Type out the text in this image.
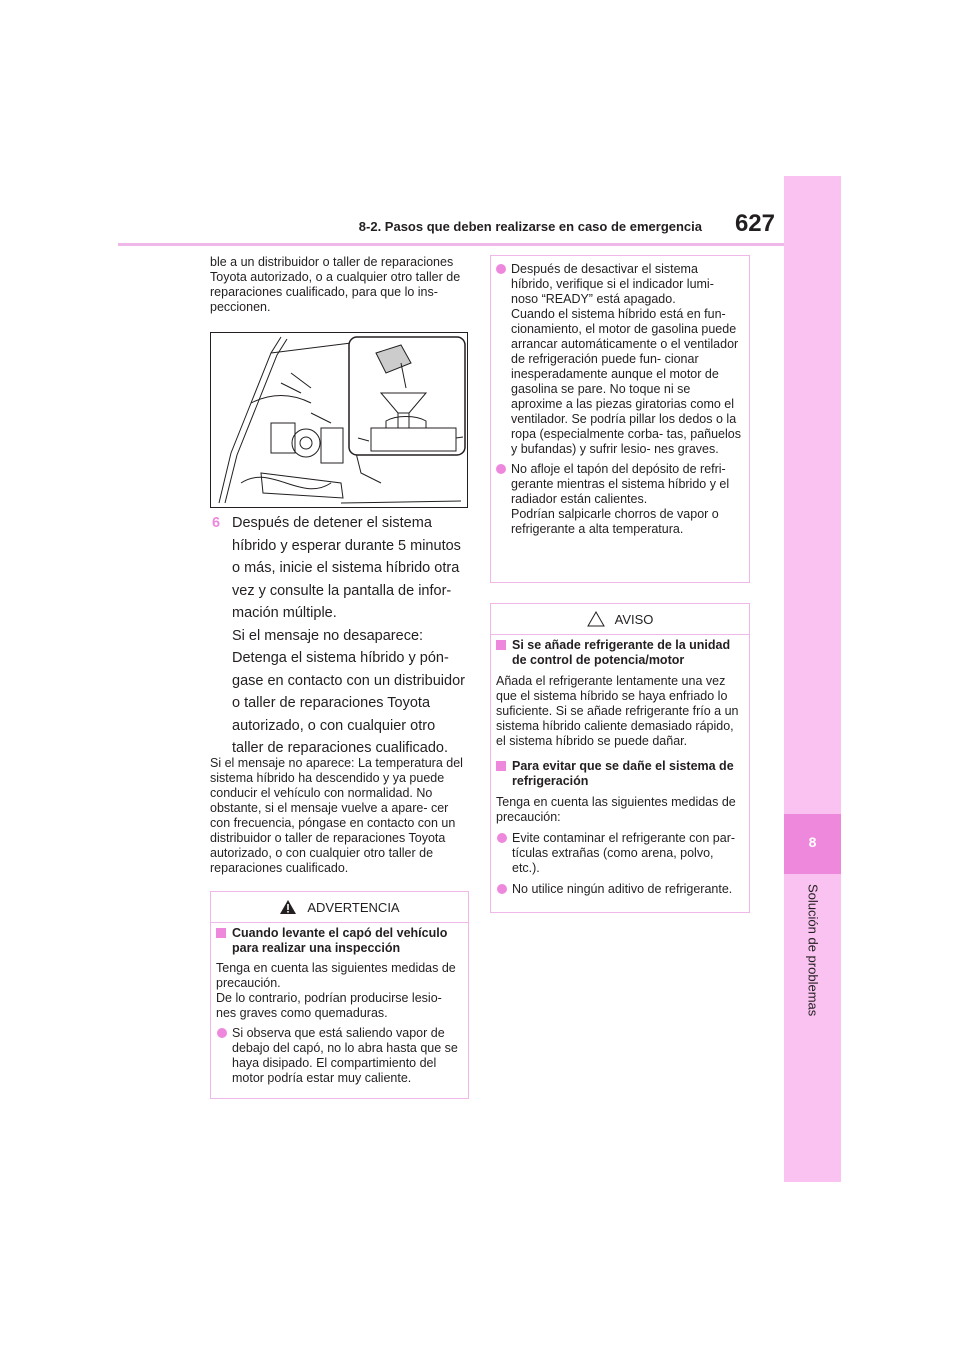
8-2. Pasos que deben realizarse en caso de emergencia	627
8
Solución de problemas
ble a un distribuidor o taller de reparaciones Toyota autorizado, o a cualquier otro taller de reparaciones cualificado, para que lo ins- peccionen.
6 Después de detener el sistema híbrido y esperar durante 5 minutos o más, inicie el sistema híbrido otra vez y consulte la pantalla de infor- mación múltiple.
Si el mensaje no desaparece: Detenga el sistema híbrido y pón- gase en contacto con un distribuidor o taller de reparaciones Toyota autorizado, o con cualquier otro taller de reparaciones cualificado.
Si el mensaje no aparece: La temperatura del sistema híbrido ha descendido y ya puede conducir el vehículo con normalidad. No obstante, si el mensaje vuelve a apare- cer con frecuencia, póngase en contacto con un distribuidor o taller de reparaciones Toyota autorizado, o con cualquier otro taller de reparaciones cualificado.
ADVERTENCIA
Cuando levante el capó del vehículo para realizar una inspección
Tenga en cuenta las siguientes medidas de precaución.
De lo contrario, podrían producirse lesio- nes graves como quemaduras.
Si observa que está saliendo vapor de debajo del capó, no lo abra hasta que se haya disipado. El compartimiento del motor podría estar muy caliente.
Después de desactivar el sistema híbrido, verifique si el indicador lumi- noso “READY” está apagado.
Cuando el sistema híbrido está en fun- cionamiento, el motor de gasolina puede arrancar automáticamente o el ventilador de refrigeración puede fun- cionar inesperadamente aunque el motor de gasolina se pare. No toque ni se aproxime a las piezas giratorias como el ventilador. Se podría pillar los dedos o la ropa (especialmente corba- tas, pañuelos y bufandas) y sufrir lesio- nes graves.
No afloje el tapón del depósito de refri- gerante mientras el sistema híbrido y el radiador están calientes.
Podrían salpicarle chorros de vapor o refrigerante a alta temperatura.
AVISO
Si se añade refrigerante de la unidad de control de potencia/motor
Añada el refrigerante lentamente una vez que el sistema híbrido se haya enfriado lo suficiente. Si se añade refrigerante frío a un sistema híbrido caliente demasiado rápido, el sistema híbrido se puede dañar.
Para evitar que se dañe el sistema de refrigeración
Tenga en cuenta las siguientes medidas de precaución:
Evite contaminar el refrigerante con par- tículas extrañas (como arena, polvo, etc.).
No utilice ningún aditivo de refrigerante.
